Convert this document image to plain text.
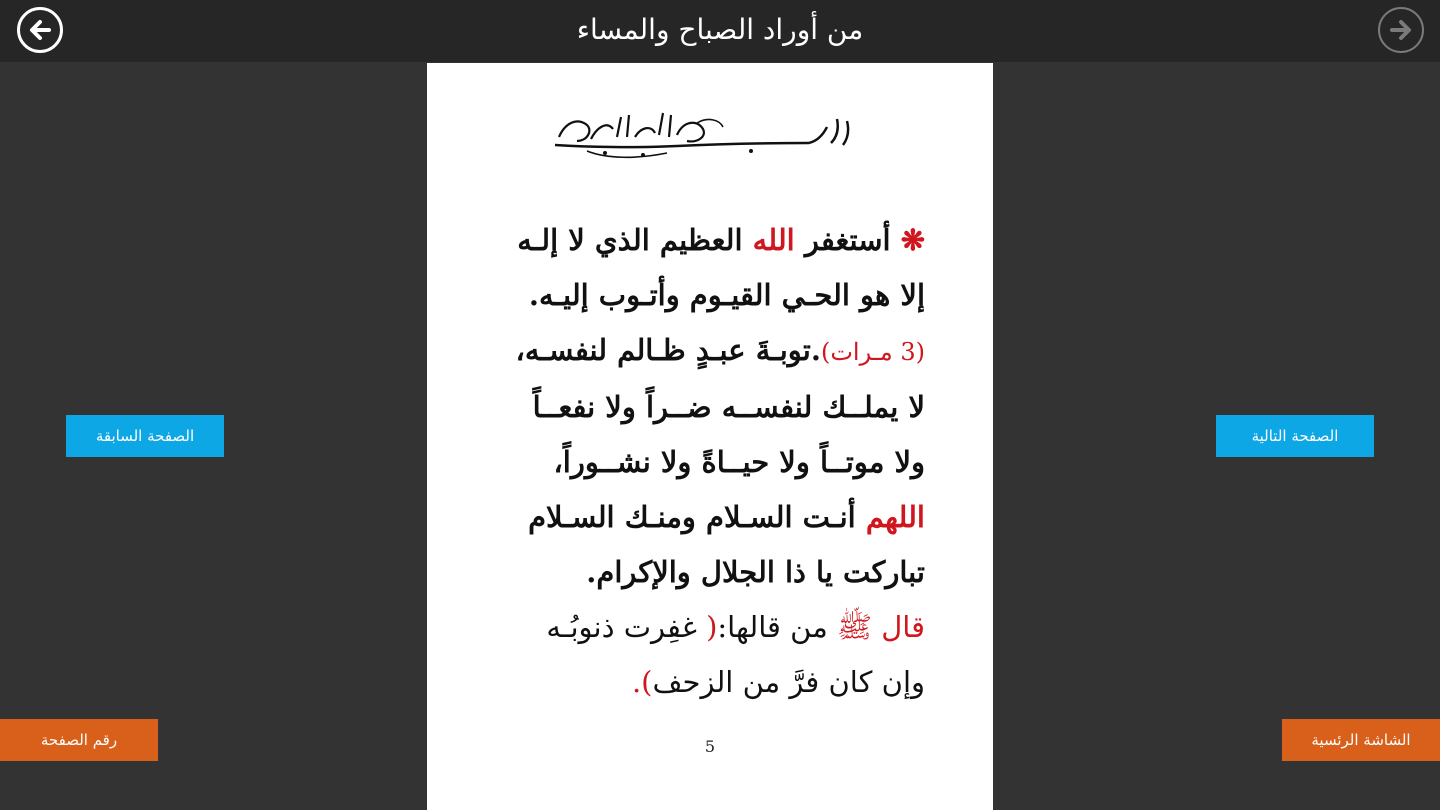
من أوراد الصباح والمساء
❋ أستغفر الله العظيم الذي لا إلـه
إلا هو الحـي القيـوم وأتـوب إليـه.
(3 مـرات).توبـةَ عبـدٍ ظـالم لنفسـه،
لا يملــك لنفســه ضــراً ولا نفعــاً
ولا موتــاً ولا حيــاةً ولا نشــوراً،
اللهم أنـت السـلام ومنـك السـلام
تباركت يا ذا الجلال والإكرام.
قال ﷺ من قالها:( غفِرت ذنوبُـه
وإن كان فرَّ من الزحف).
5
الصفحة السابقة	الصفحة التالية
رقم الصفحة	الشاشة الرئسية
